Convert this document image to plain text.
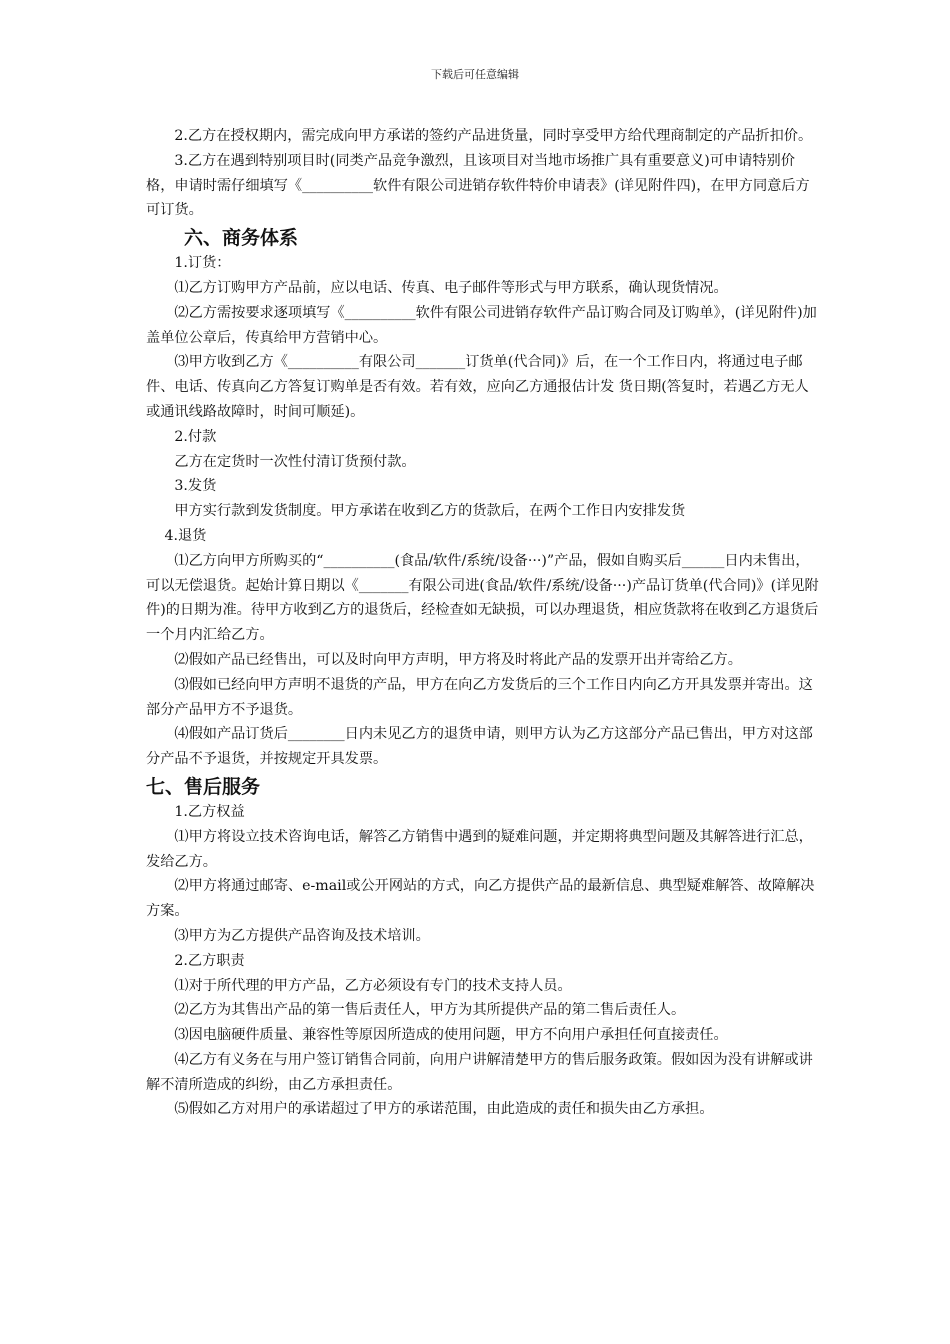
下载后可任意编辑

2.乙方在授权期内，需完成向甲方承诺的签约产品进货量，同时享受甲方给代理商制定的产品折扣价。

3.乙方在遇到特别项目时(同类产品竞争激烈，且该项目对当地市场推广具有重要意义)可申请特别价格，申请时需仔细填写《__________软件有限公司进销存软件特价申请表》(详见附件四)，在甲方同意后方可订货。

六、商务体系

1.订货：

⑴乙方订购甲方产品前，应以电话、传真、电子邮件等形式与甲方联系，确认现货情况。

⑵乙方需按要求逐项填写《__________软件有限公司进销存软件产品订购合同及订购单》，(详见附件)加盖单位公章后，传真给甲方营销中心。

⑶甲方收到乙方《__________有限公司_______订货单(代合同)》后，在一个工作日内，将通过电子邮件、电话、传真向乙方答复订购单是否有效。若有效，应向乙方通报估计发 货日期(答复时，若遇乙方无人或通讯线路故障时，时间可顺延)。

2.付款

乙方在定货时一次性付清订货预付款。

3.发货

甲方实行款到发货制度。甲方承诺在收到乙方的货款后，在两个工作日内安排发货

4.退货

⑴乙方向甲方所购买的“__________(食品/软件/系统/设备···)”产品，假如自购买后______日内未售出，可以无偿退货。起始计算日期以《_______有限公司进(食品/软件/系统/设备···)产品订货单(代合同)》(详见附件)的日期为准。待甲方收到乙方的退货后，经检查如无缺损，可以办理退货，相应货款将在收到乙方退货后一个月内汇给乙方。

⑵假如产品已经售出，可以及时向甲方声明，甲方将及时将此产品的发票开出并寄给乙方。

⑶假如已经向甲方声明不退货的产品，甲方在向乙方发货后的三个工作日内向乙方开具发票并寄出。这部分产品甲方不予退货。

⑷假如产品订货后________日内未见乙方的退货申请，则甲方认为乙方这部分产品已售出，甲方对这部分产品不予退货，并按规定开具发票。

七、售后服务

1.乙方权益

⑴甲方将设立技术咨询电话，解答乙方销售中遇到的疑难问题，并定期将典型问题及其解答进行汇总，发给乙方。

⑵甲方将通过邮寄、e-mail或公开网站的方式，向乙方提供产品的最新信息、典型疑难解答、故障解决方案。

⑶甲方为乙方提供产品咨询及技术培训。

2.乙方职责

⑴对于所代理的甲方产品，乙方必须设有专门的技术支持人员。

⑵乙方为其售出产品的第一售后责任人，甲方为其所提供产品的第二售后责任人。

⑶因电脑硬件质量、兼容性等原因所造成的使用问题，甲方不向用户承担任何直接责任。

⑷乙方有义务在与用户签订销售合同前，向用户讲解清楚甲方的售后服务政策。假如因为没有讲解或讲解不清所造成的纠纷，由乙方承担责任。

⑸假如乙方对用户的承诺超过了甲方的承诺范围，由此造成的责任和损失由乙方承担。
